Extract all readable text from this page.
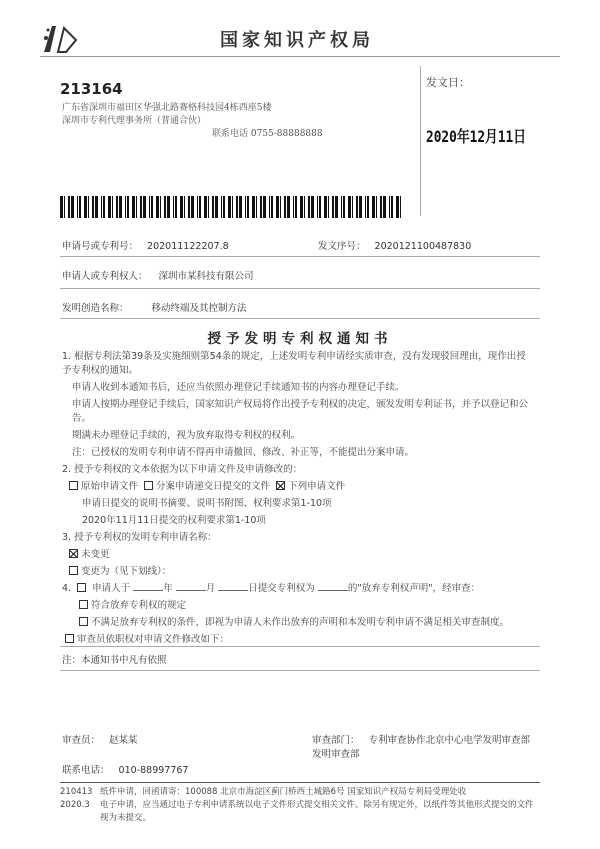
国家知识产权局
213164
广东省深圳市福田区华强北路赛格科技园4栋西座5楼
深圳市专利代理事务所（普通合伙）
联系电话 0755-88888888
发文日：
2020年12月11日
申请号或专利号： 202011122207.8	发文序号： 2020121100487830
申请人或专利权人： 深圳市某科技有限公司
发明创造名称： 移动终端及其控制方法
授予发明专利权通知书

1. 根据专利法第39条及实施细则第54条的规定，上述发明专利申请经实质审查，没有发现驳回理由，现作出授予专利权的通知。

申请人收到本通知书后，还应当依照办理登记手续通知书的内容办理登记手续。

申请人按期办理登记手续后，国家知识产权局将作出授予专利权的决定，颁发发明专利证书，并予以登记和公告。

期满未办理登记手续的，视为放弃取得专利权的权利。

注：已授权的发明专利申请不得再申请撤回、修改、补正等，不能提出分案申请。

2. 授予专利权的文本依据为以下申请文件及申请修改的：

原始申请文件 分案申请递交日提交的文件 下列申请文件

申请日提交的说明书摘要、说明书附图、权利要求第1-10项

2020年11月11日提交的权利要求第1-10项

3. 授予专利权的发明专利申请名称：

未变更

变更为（见下划线）：

4. 申请人于	年	月	日提交专利权为	的"放弃专利权声明"，经审查：

符合放弃专利权的规定

不满足放弃专利权的条件，即视为申请人未作出放弃的声明和本发明专利申请不满足相关审查制度。

审查员依职权对申请文件修改如下：

注：本通知书中凡有依照
审查员： 赵某某	审查部门： 专利审查协作北京中心电学发明审查部
发明审查部
联系电话： 010-88997767
210413 纸件申请，回函请寄：100088 北京市海淀区蓟门桥西土城路6号 国家知识产权局专利局受理处收
2020.3	电子申请，应当通过电子专利申请系统以电子文件形式提交相关文件。除另有规定外，以纸件等其他形式提交的文件视为未提交。
